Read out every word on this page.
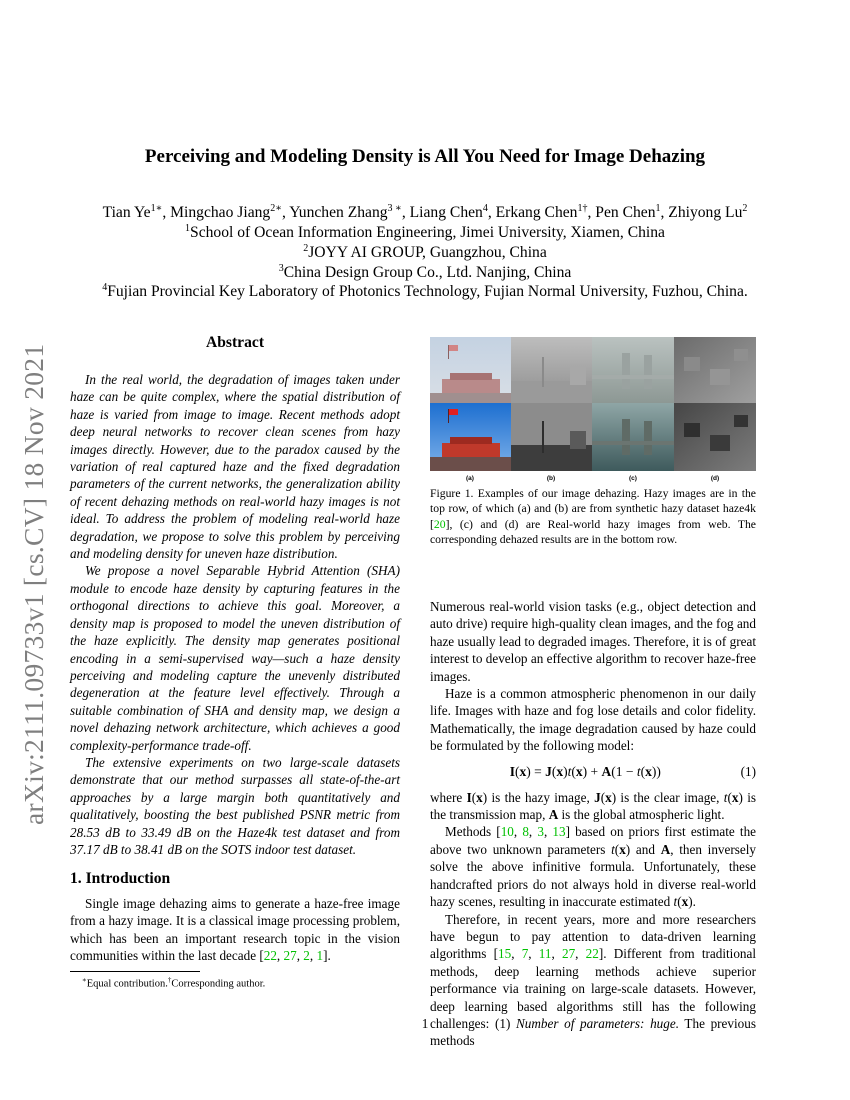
arXiv:2111.09733v1 [cs.CV] 18 Nov 2021
Perceiving and Modeling Density is All You Need for Image Dehazing
Tian $Ye^{1∗}$, Mingchao Jiang$^{2∗}$, Yunchen Zhang$^{3 ∗}$, Liang Chen$^4$, Erkang Chen$^{1\dagger}$, Pen Chen$^1$, Zhiyong Lu$^2$
$^1$School of Ocean Information Engineering, Jimei University, Xiamen, China
$^2$JOYY AI GROUP, Guangzhou, China
$^3$China Design Group Co., Ltd. Nanjing, China
$^4$Fujian Provincial Key Laboratory of Photonics Technology, Fujian Normal University, Fuzhou, China.
Abstract

In the real world, the degradation of images taken under haze can be quite complex, where the spatial distribution of haze is varied from image to image. Recent methods adopt deep neural networks to recover clean scenes from hazy images directly. However, due to the paradox caused by the variation of real captured haze and the fixed degradation parameters of the current networks, the generalization ability of recent dehazing methods on real-world hazy images is not ideal. To address the problem of modeling real-world haze degradation, we propose to solve this problem by perceiving and modeling density for uneven haze distribution.

We propose a novel Separable Hybrid Attention (SHA) module to encode haze density by capturing features in the orthogonal directions to achieve this goal. Moreover, a density map is proposed to model the uneven distribution of the haze explicitly. The density map generates positional encoding in a semi-supervised way—such a haze density perceiving and modeling capture the unevenly distributed degeneration at the feature level effectively. Through a suitable combination of SHA and density map, we design a novel dehazing network architecture, which achieves a good complexity-performance trade-off.

The extensive experiments on two large-scale datasets demonstrate that our method surpasses all state-of-the-art approaches by a large margin both quantitatively and qualitatively, boosting the best published PSNR metric from 28.53 dB to 33.49 dB on the Haze4k test dataset and from 37.17 dB to 38.41 dB on the SOTS indoor test dataset.

1. Introduction

Single image dehazing aims to generate a haze-free image from a hazy image. It is a classical image processing problem, which has been an important research topic in the vision communities within the last decade [22, 27, 2, 1].

∗Equal contribution.†Corresponding author.
(a)	(b)	(c)	(d)
Figure 1. Examples of our image dehazing. Hazy images are in the top row, of which (a) and (b) are from synthetic hazy dataset haze4k [20], (c) and (d) are Real-world hazy images from web. The corresponding dehazed results are in the bottom row.

Numerous real-world vision tasks (e.g., object detection and auto drive) require high-quality clean images, and the fog and haze usually lead to degraded images. Therefore, it is of great interest to develop an effective algorithm to recover haze-free images.

Haze is a common atmospheric phenomenon in our daily life. Images with haze and fog lose details and color fidelity. Mathematically, the image degradation caused by haze could be formulated by the following model:

I(x) = J(x)t(x) + A(1 − t(x))	(1)

where I(x) is the hazy image, J(x) is the clear image, t(x) is the transmission map, A is the global atmospheric light.

Methods [10, 8, 3, 13] based on priors first estimate the above two unknown parameters t(x) and A, then inversely solve the above infinitive formula. Unfortunately, these handcrafted priors do not always hold in diverse real-world hazy scenes, resulting in inaccurate estimated t(x).

Therefore, in recent years, more and more researchers have begun to pay attention to data-driven learning algorithms [15, 7, 11, 27, 22]. Different from traditional methods, deep learning methods achieve superior performance via training on large-scale datasets. However, deep learning based algorithms still has the following challenges: (1) Number of parameters: huge. The previous methods

1
